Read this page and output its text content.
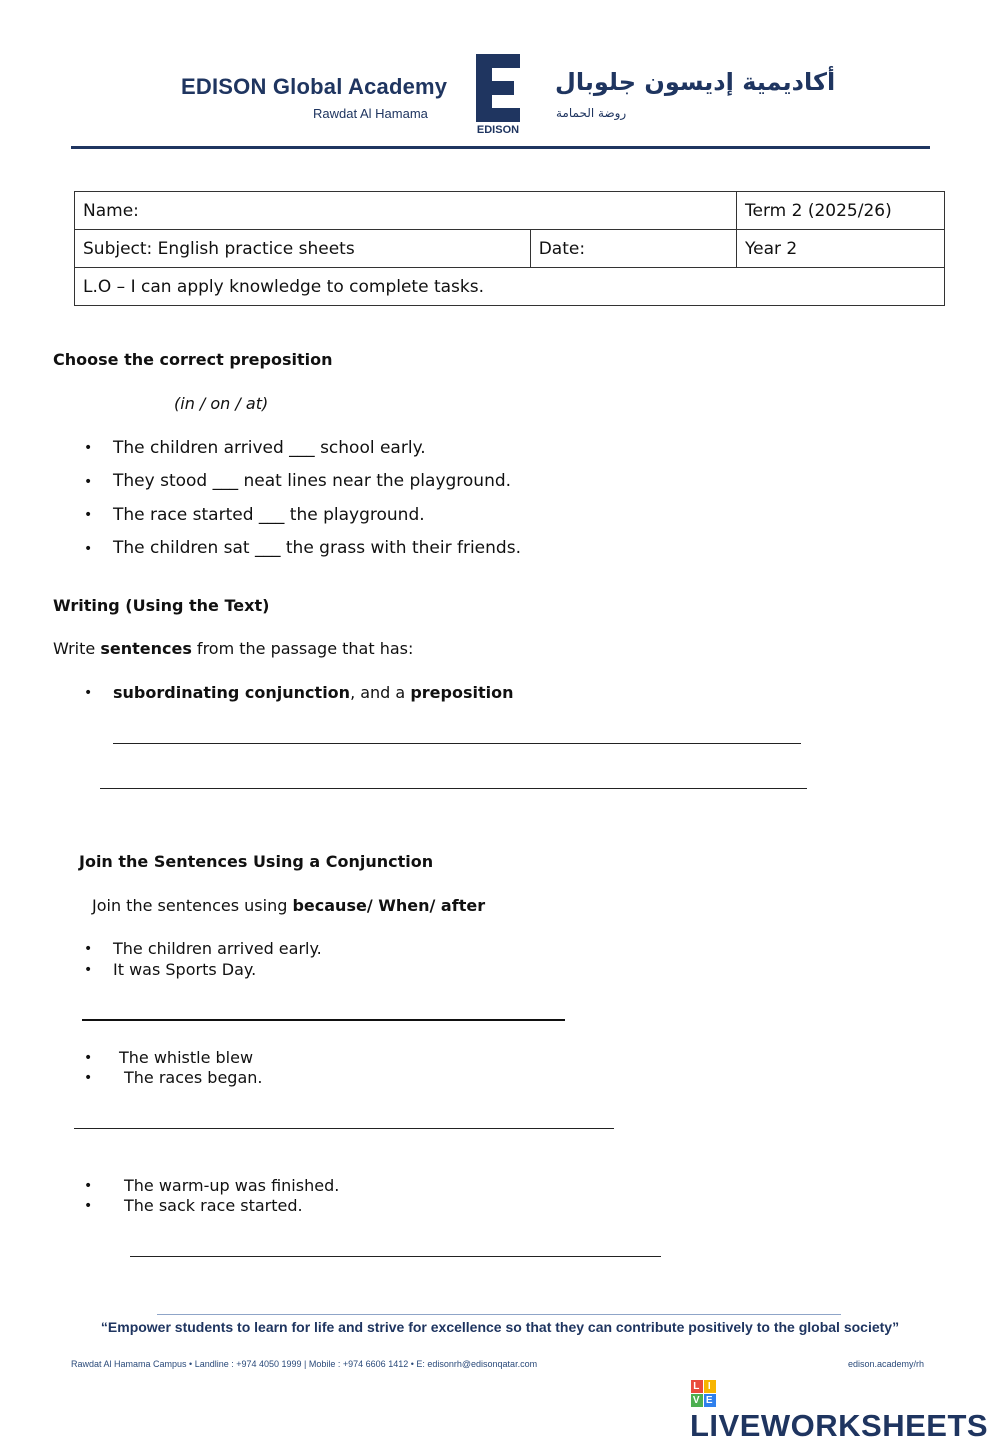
EDISON Global Academy
Rawdat Al Hamama
EDISON
أكاديمية إديسون جلوبال
روضة الحمامة
Name:		Term 2 (2025/26)
Subject: English practice sheets	Date:	Year 2
L.O – I can apply knowledge to complete tasks.		
Choose the correct preposition
(in / on / at)
• The children arrived ___ school early.
• They stood ___ neat lines near the playground.
• The race started ___ the playground.
• The children sat ___ the grass with their friends.
Writing (Using the Text)
Write sentences from the passage that has:
• subordinating conjunction, and a preposition
Join the Sentences Using a Conjunction
Join the sentences using because/ When/ after
• The children arrived early.
• It was Sports Day.
• The whistle blew
• The races began.
• The warm-up was finished.
• The sack race started.
“Empower students to learn for life and strive for excellence so that they can contribute positively to the global society”
Rawdat Al Hamama Campus • Landline : +974 4050 1999 | Mobile : +974 6606 1412 • E: edisonrh@edisonqatar.com	edison.academy/rh
L I
V ELIVEWORKSHEETS
